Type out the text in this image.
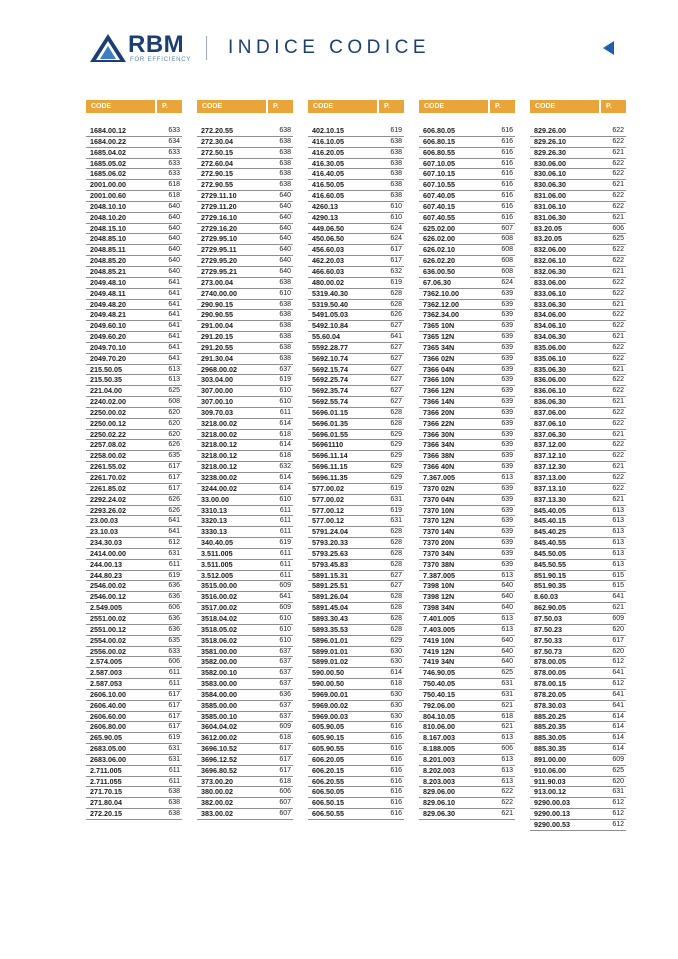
RBM
FOR EFFICIENCY
INDICE CODICE
CODE	P.
1684.00.12	633
1684.00.22	634
1685.04.02	633
1685.05.02	633
1685.06.02	633
2001.00.00	618
2001.00.60	618
2048.10.10	640
2048.10.20	640
2048.15.10	640
2048.85.10	640
2048.85.11	640
2048.85.20	640
2048.85.21	640
2049.48.10	641
2049.48.11	641
2049.48.20	641
2049.48.21	641
2049.60.10	641
2049.60.20	641
2049.70.10	641
2049.70.20	641
215.50.05	613
215.50.35	613
221.04.00	625
2240.02.00	608
2250.00.02	620
2250.00.12	620
2250.02.22	620
2257.08.02	626
2258.00.02	635
2261.55.02	617
2261.70.02	617
2261.85.02	617
2292.24.02	626
2293.26.02	626
23.00.03	641
23.10.03	641
234.30.03	612
2414.00.00	631
244.00.13	611
244.80.23	619
2546.00.02	636
2546.00.12	636
2.549.005	606
2551.00.02	636
2551.00.12	636
2554.00.02	635
2556.00.02	633
2.574.005	606
2.587.003	611
2.587.053	611
2606.10.00	617
2606.40.00	617
2606.60.00	617
2606.80.00	617
265.90.05	619
2683.05.00	631
2683.06.00	631
2.711.005	611
2.711.055	611
271.70.15	638
271.80.04	638
272.20.15	638
CODE	P.
272.20.55	638
272.30.04	638
272.50.15	638
272.60.04	638
272.90.15	638
272.90.55	638
2729.11.10	640
2729.11.20	640
2729.16.10	640
2729.16.20	640
2729.95.10	640
2729.95.11	640
2729.95.20	640
2729.95.21	640
273.00.04	638
2740.00.00	610
290.90.15	638
290.90.55	638
291.00.04	638
291.20.15	638
291.20.55	638
291.30.04	638
2968.00.02	637
303.04.00	619
307.00.00	610
307.00.10	610
309.70.03	611
3218.00.02	614
3218.00.02	618
3218.00.12	614
3218.00.12	618
3218.00.12	632
3238.00.02	614
3244.00.02	614
33.00.00	610
3310.13	611
3320.13	611
3330.13	611
340.40.05	619
3.511.005	611
3.511.005	611
3.512.005	611
3515.00.00	609
3516.00.02	641
3517.00.02	609
3518.04.02	610
3518.05.02	610
3518.06.02	610
3581.00.00	637
3582.00.00	637
3582.00.10	637
3583.00.00	637
3584.00.00	636
3585.00.00	637
3585.00.10	637
3604.04.02	609
3612.00.02	618
3696.10.52	617
3696.12.52	617
3696.80.52	617
373.00.20	618
380.00.02	606
382.00.02	607
383.00.02	607
CODE	P.
402.10.15	619
416.10.05	638
416.20.05	638
416.30.05	638
416.40.05	638
416.50.05	638
416.60.05	638
4260.13	610
4290.13	610
449.06.50	624
450.06.50	624
456.60.03	617
462.20.03	617
466.60.03	632
480.00.02	619
5319.40.30	628
5319.50.40	628
5491.05.03	626
5492.10.84	627
55.60.04	641
5592.28.77	627
5692.10.74	627
5692.15.74	627
5692.25.74	627
5692.35.74	627
5692.55.74	627
5696.01.15	628
5696.01.35	628
5696.01.55	629
56961110	629
5696.11.14	629
5696.11.15	629
5696.11.35	629
577.00.02	619
577.00.02	631
577.00.12	619
577.00.12	631
5791.24.04	628
5793.20.33	628
5793.25.63	628
5793.45.83	628
5891.15.31	627
5891.25.51	627
5891.26.04	628
5891.45.04	628
5893.30.43	628
5893.35.53	628
5896.01.01	629
5899.01.01	630
5899.01.02	630
590.00.50	614
590.00.50	618
5969.00.01	630
5969.00.02	630
5969.00.03	630
605.90.05	616
605.90.15	616
605.90.55	616
606.20.05	616
606.20.15	616
606.20.55	616
606.50.05	616
606.50.15	616
606.50.55	616
CODE	P.
606.80.05	616
606.80.15	616
606.80.55	616
607.10.05	616
607.10.15	616
607.10.55	616
607.40.05	616
607.40.15	616
607.40.55	616
625.02.00	607
626.02.00	608
626.02.10	608
626.02.20	608
636.00.50	608
67.06.30	624
7362.10.00	639
7362.12.00	639
7362.34.00	639
7365 10N	639
7365 12N	639
7365 34N	639
7366 02N	639
7366 04N	639
7366 10N	639
7366 12N	639
7366 14N	639
7366 20N	639
7366 22N	639
7366 30N	639
7366 34N	639
7366 38N	639
7366 40N	639
7.367.005	613
7370 02N	639
7370 04N	639
7370 10N	639
7370 12N	639
7370 14N	639
7370 20N	639
7370 34N	639
7370 38N	639
7.387.005	613
7398 10N	640
7398 12N	640
7398 34N	640
7.401.005	613
7.403.005	613
7419 10N	640
7419 12N	640
7419 34N	640
746.90.05	625
750.40.05	631
750.40.15	631
792.06.00	621
804.10.05	618
810.06.00	621
8.167.003	613
8.188.005	606
8.201.003	613
8.202.003	613
8.203.003	613
829.06.00	622
829.06.10	622
829.06.30	621
CODE	P.
829.26.00	622
829.26.10	622
829.26.30	621
830.06.00	622
830.06.10	622
830.06.30	621
831.06.00	622
831.06.10	622
831.06.30	621
83.20.05	606
83.20.05	625
832.06.00	622
832.06.10	622
832.06.30	621
833.06.00	622
833.06.10	622
833.06.30	621
834.06.00	622
834.06.10	622
834.06.30	621
835.06.00	622
835.06.10	622
835.06.30	621
836.06.00	622
836.06.10	622
836.06.30	621
837.06.00	622
837.06.10	622
837.06.30	621
837.12.00	622
837.12.10	622
837.12.30	621
837.13.00	622
837.13.10	622
837.13.30	621
845.40.05	613
845.40.15	613
845.40.25	613
845.40.55	613
845.50.05	613
845.50.55	613
851.90.15	615
851.90.35	615
8.60.03	641
862.90.05	621
87.50.03	609
87.50.23	620
87.50.33	617
87.50.73	620
878.00.05	612
878.00.05	641
878.00.15	612
878.20.05	641
878.30.03	641
885.20.25	614
885.20.35	614
885.30.05	614
885.30.35	614
891.00.00	609
910.06.00	625
911.90.03	620
913.00.12	631
9290.00.03	612
9290.00.13	612
9290.00.53	612
